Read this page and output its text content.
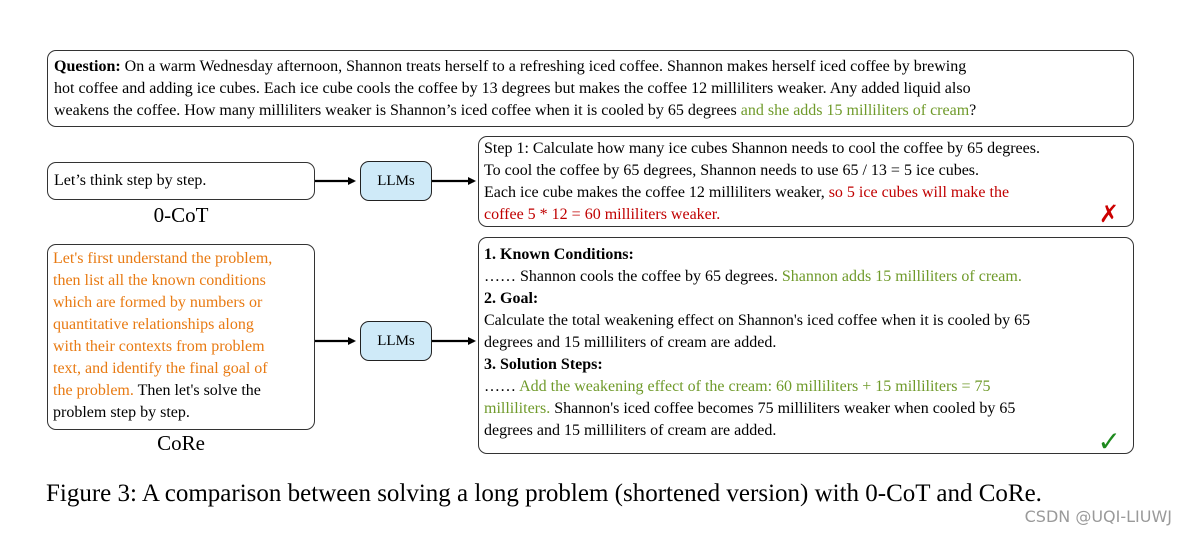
Question: On a warm Wednesday afternoon, Shannon treats herself to a refreshing iced coffee. Shannon makes herself iced coffee by brewing
hot coffee and adding ice cubes. Each ice cube cools the coffee by 13 degrees but makes the coffee 12 milliliters weaker. Any added liquid also
weakens the coffee. How many milliliters weaker is Shannon’s iced coffee when it is cooled by 65 degrees and she adds 15 milliliters of cream?
Let’s think step by step.
0-CoT
LLMs
LLMs
Step 1: Calculate how many ice cubes Shannon needs to cool the coffee by 65 degrees.
To cool the coffee by 65 degrees, Shannon needs to use 65 / 13 = 5 ice cubes.
Each ice cube makes the coffee 12 milliliters weaker, so 5 ice cubes will make the
coffee 5 * 12 = 60 milliliters weaker.	✗
Let's first understand the problem,
then list all the known conditions
which are formed by numbers or
quantitative relationships along
with their contexts from problem
text, and identify the final goal of
the problem. Then let's solve the
problem step by step.
CoRe
1. Known Conditions:
…… Shannon cools the coffee by 65 degrees. Shannon adds 15 milliliters of cream.
2. Goal:
Calculate the total weakening effect on Shannon's iced coffee when it is cooled by 65
degrees and 15 milliliters of cream are added.
3. Solution Steps:
…… Add the weakening effect of the cream: 60 milliliters + 15 milliliters = 75
milliliters. Shannon's iced coffee becomes 75 milliliters weaker when cooled by 65
degrees and 15 milliliters of cream are added.	✓
Figure 3: A comparison between solving a long problem (shortened version) with 0-CoT and CoRe.
CSDN @UQI-LIUWJ
